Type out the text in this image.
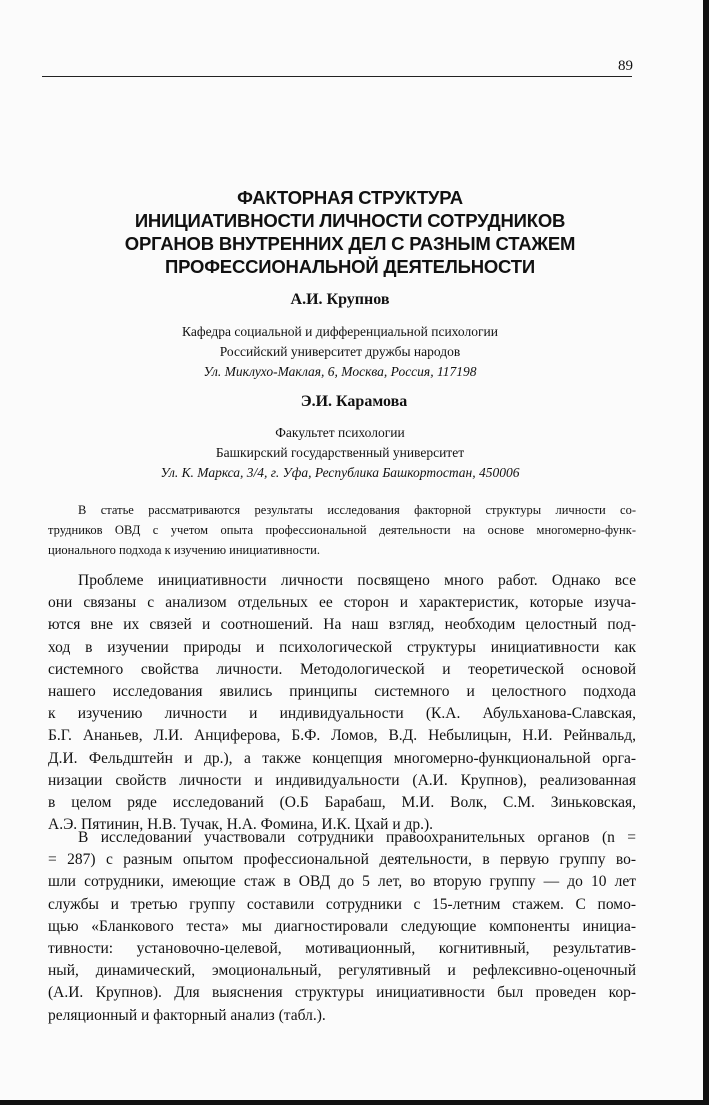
89
ФАКТОРНАЯ СТРУКТУРА
ИНИЦИАТИВНОСТИ ЛИЧНОСТИ СОТРУДНИКОВ
ОРГАНОВ ВНУТРЕННИХ ДЕЛ С РАЗНЫМ СТАЖЕМ
ПРОФЕССИОНАЛЬНОЙ ДЕЯТЕЛЬНОСТИ
А.И. Крупнов
Кафедра социальной и дифференциальной психологии
Российский университет дружбы народов
Ул. Миклухо-Маклая, 6, Москва, Россия, 117198
Э.И. Карамова
Факультет психологии
Башкирский государственный университет
Ул. К. Маркса, 3/4, г. Уфа, Республика Башкортостан, 450006
В статье рассматриваются результаты исследования факторной структуры личности со-
трудников ОВД с учетом опыта профессиональной деятельности на основе многомерно-функ-
ционального подхода к изучению инициативности.
Проблеме инициативности личности посвящено много работ. Однако все
они связаны с анализом отдельных ее сторон и характеристик, которые изуча-
ются вне их связей и соотношений. На наш взгляд, необходим целостный под-
ход в изучении природы и психологической структуры инициативности как
системного свойства личности. Методологической и теоретической основой
нашего исследования явились принципы системного и целостного подхода
к изучению личности и индивидуальности (К.А. Абульханова-Славская,
Б.Г. Ананьев, Л.И. Анциферова, Б.Ф. Ломов, В.Д. Небылицын, Н.И. Рейнвальд,
Д.И. Фельдштейн и др.), а также концепция многомерно-функциональной орга-
низации свойств личности и индивидуальности (А.И. Крупнов), реализованная
в целом ряде исследований (О.Б Барабаш, М.И. Волк, С.М. Зиньковская,
А.Э. Пятинин, Н.В. Тучак, Н.А. Фомина, И.К. Цхай и др.).
В исследовании участвовали сотрудники правоохранительных органов (n =
= 287) с разным опытом профессиональной деятельности, в первую группу во-
шли сотрудники, имеющие стаж в ОВД до 5 лет, во вторую группу — до 10 лет
службы и третью группу составили сотрудники с 15-летним стажем. С помо-
щью «Бланкового теста» мы диагностировали следующие компоненты инициа-
тивности: установочно-целевой, мотивационный, когнитивный, результатив-
ный, динамический, эмоциональный, регулятивный и рефлексивно-оценочный
(А.И. Крупнов). Для выяснения структуры инициативности был проведен кор-
реляционный и факторный анализ (табл.).
